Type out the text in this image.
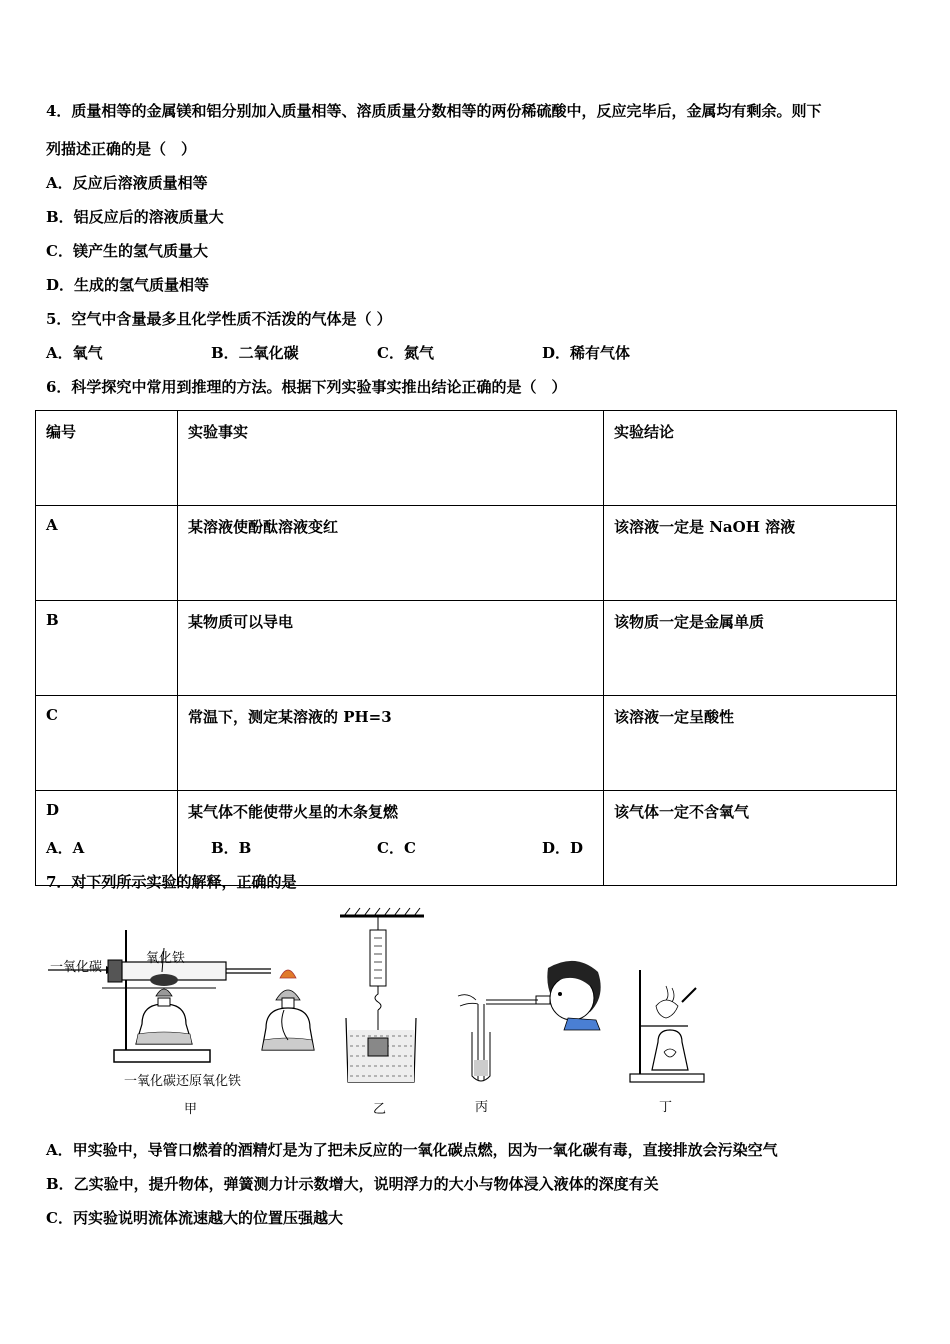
4．质量相等的金属镁和铝分别加入质量相等、溶质质量分数相等的两份稀硫酸中，反应完毕后，金属均有剩余。则下
列描述正确的是（　）
A．反应后溶液质量相等
B．铝反应后的溶液质量大
C．镁产生的氢气质量大
D．生成的氢气质量相等
5．空气中含量最多且化学性质不活泼的气体是（ ）
A．氧气	B．二氧化碳	C．氮气	D．稀有气体
6．科学探究中常用到推理的方法。根据下列实验事实推出结论正确的是（　）
编号	实验事实	实验结论
A	某溶液使酚酞溶液变红	该溶液一定是 NaOH 溶液
B	某物质可以导电	该物质一定是金属单质
C	常温下，测定某溶液的 PH=3	该溶液一定呈酸性
D	某气体不能使带火星的木条复燃	该气体一定不含氧气
A．A	B．B	C．C	D．D
7．对下列所示实验的解释，正确的是
一氧化碳
氧化铁
一氧化碳还原氧化铁
甲	乙	丙	丁
A．甲实验中，导管口燃着的酒精灯是为了把未反应的一氧化碳点燃，因为一氧化碳有毒，直接排放会污染空气
B．乙实验中，提升物体，弹簧测力计示数增大，说明浮力的大小与物体浸入液体的深度有关
C．丙实验说明流体流速越大的位置压强越大
